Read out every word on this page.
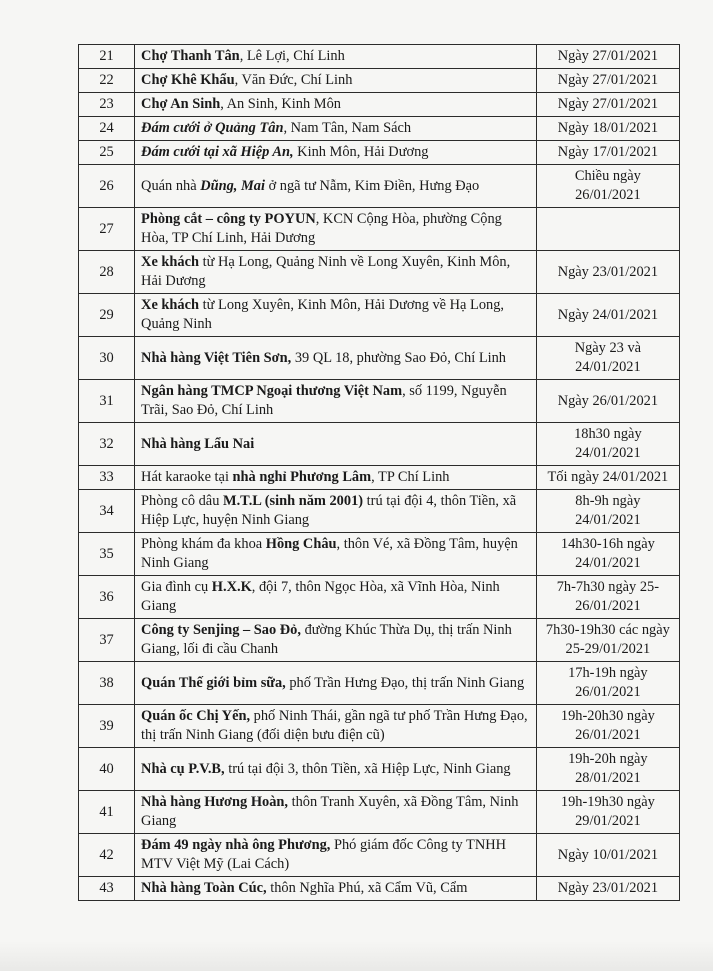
21	Chợ Thanh Tân, Lê Lợi, Chí Linh	Ngày 27/01/2021
22	Chợ Khê Khẩu, Văn Đức, Chí Linh	Ngày 27/01/2021
23	Chợ An Sinh, An Sinh, Kinh Môn	Ngày 27/01/2021
24	Đám cưới ở Quảng Tân, Nam Tân, Nam Sách	Ngày 18/01/2021
25	Đám cưới tại xã Hiệp An, Kinh Môn, Hải Dương	Ngày 17/01/2021
26	Quán nhà Dũng, Mai ở ngã tư Nẫm, Kim Điền, Hưng Đạo	Chiều ngày 26/01/2021
27	Phòng cắt – công ty POYUN, KCN Cộng Hòa, phường Cộng Hòa, TP Chí Linh, Hải Dương	
28	Xe khách từ Hạ Long, Quảng Ninh về Long Xuyên, Kinh Môn, Hải Dương	Ngày 23/01/2021
29	Xe khách từ Long Xuyên, Kinh Môn, Hải Dương về Hạ Long, Quảng Ninh	Ngày 24/01/2021
30	Nhà hàng Việt Tiên Sơn, 39 QL 18, phường Sao Đỏ, Chí Linh	Ngày 23 và 24/01/2021
31	Ngân hàng TMCP Ngoại thương Việt Nam, số 1199, Nguyễn Trãi, Sao Đỏ, Chí Linh	Ngày 26/01/2021
32	Nhà hàng Lẩu Nai	18h30 ngày 24/01/2021
33	Hát karaoke tại nhà nghỉ Phương Lâm, TP Chí Linh	Tối ngày 24/01/2021
34	Phòng cô dâu M.T.L (sinh năm 2001) trú tại đội 4, thôn Tiền, xã Hiệp Lực, huyện Ninh Giang	8h-9h ngày 24/01/2021
35	Phòng khám đa khoa Hồng Châu, thôn Vé, xã Đồng Tâm, huyện Ninh Giang	14h30-16h ngày 24/01/2021
36	Gia đình cụ H.X.K, đội 7, thôn Ngọc Hòa, xã Vĩnh Hòa, Ninh Giang	7h-7h30 ngày 25-26/01/2021
37	Công ty Senjing – Sao Đỏ, đường Khúc Thừa Dụ, thị trấn Ninh Giang, lối đi cầu Chanh	7h30-19h30 các ngày 25-29/01/2021
38	Quán Thế giới bỉm sữa, phố Trần Hưng Đạo, thị trấn Ninh Giang	17h-19h ngày 26/01/2021
39	Quán ốc Chị Yến, phố Ninh Thái, gần ngã tư phố Trần Hưng Đạo, thị trấn Ninh Giang (đối diện bưu điện cũ)	19h-20h30 ngày 26/01/2021
40	Nhà cụ P.V.B, trú tại đội 3, thôn Tiền, xã Hiệp Lực, Ninh Giang	19h-20h ngày 28/01/2021
41	Nhà hàng Hương Hoàn, thôn Tranh Xuyên, xã Đồng Tâm, Ninh Giang	19h-19h30 ngày 29/01/2021
42	Đám 49 ngày nhà ông Phương, Phó giám đốc Công ty TNHH MTV Việt Mỹ (Lai Cách)	Ngày 10/01/2021
43	Nhà hàng Toàn Cúc, thôn Nghĩa Phú, xã Cẩm Vũ, Cẩm	Ngày 23/01/2021
